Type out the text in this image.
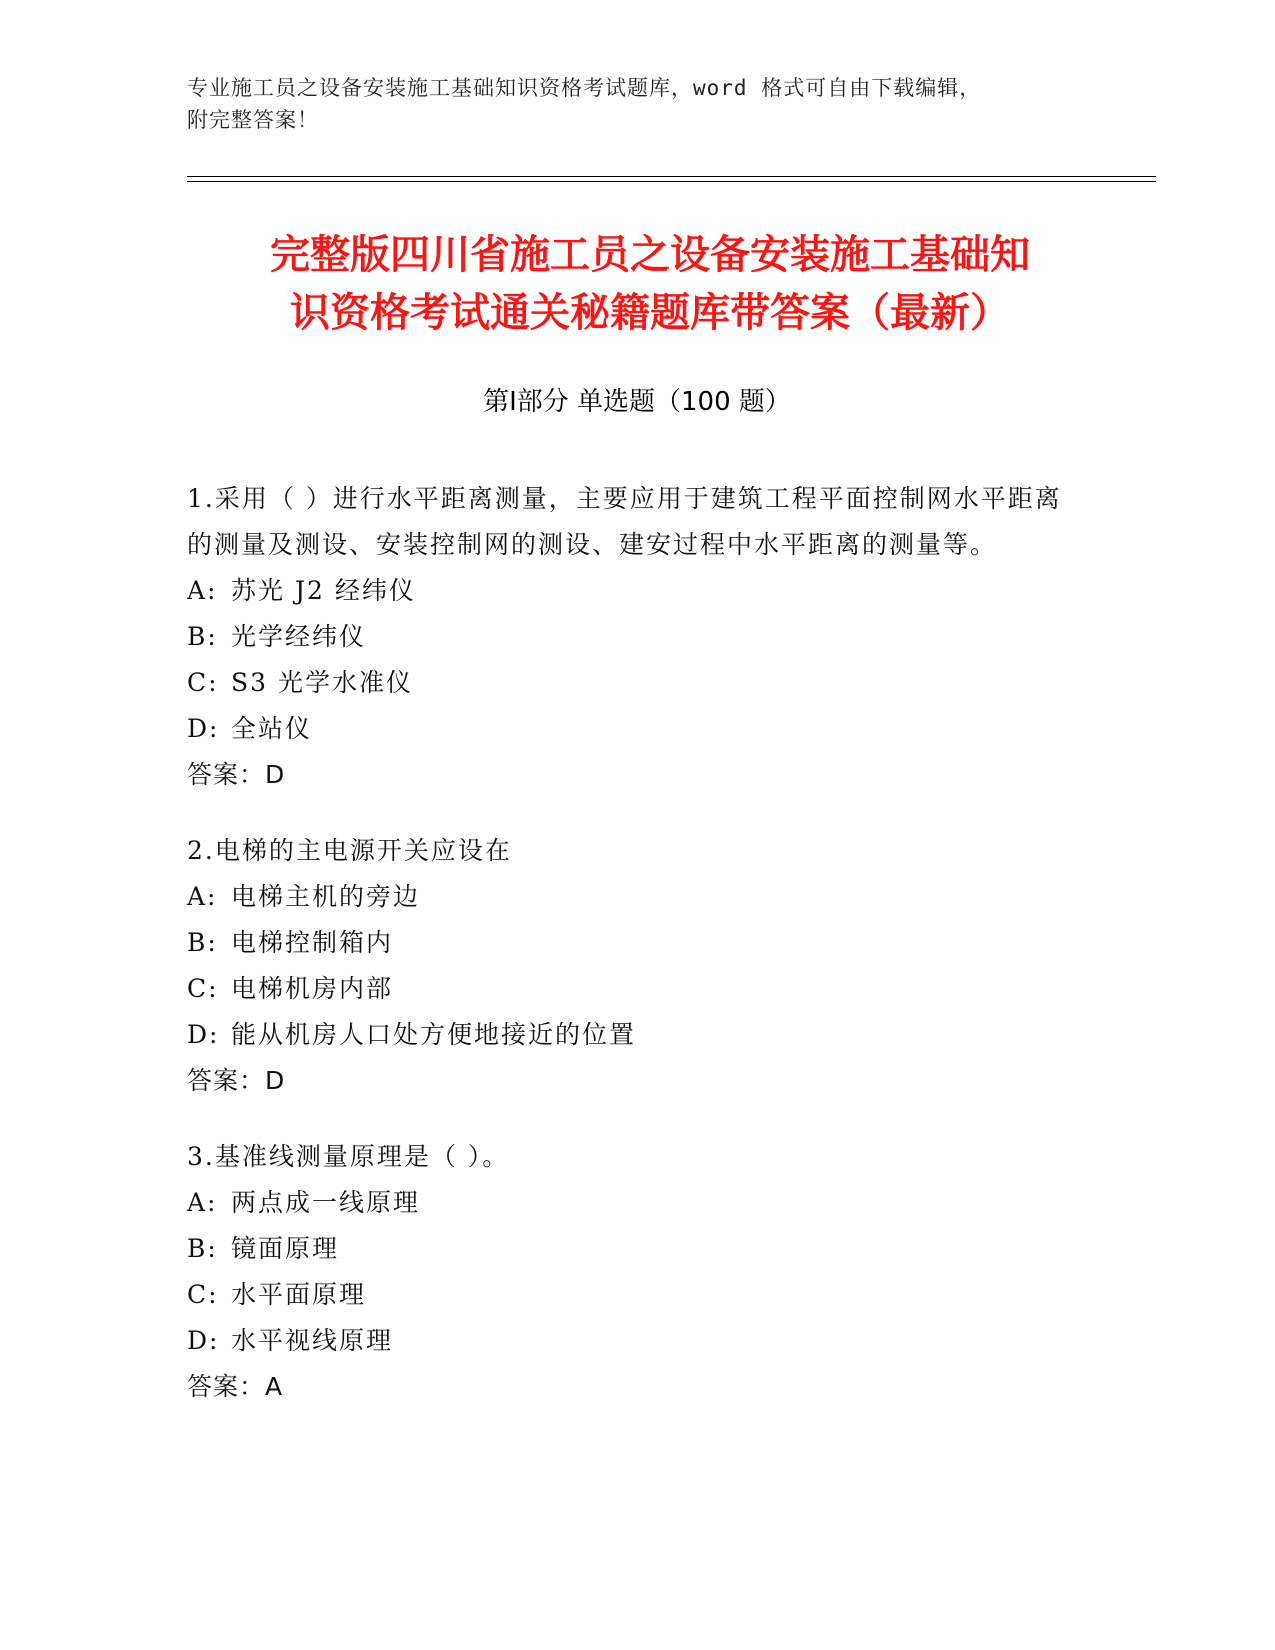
专业施工员之设备安装施工基础知识资格考试题库，word 格式可自由下载编辑，
附完整答案！
完整版四川省施工员之设备安装施工基础知
识资格考试通关秘籍题库带答案（最新）
第Ⅰ部分 单选题（100 题）
1.采用（ ）进行水平距离测量，主要应用于建筑工程平面控制网水平距离的测量及测设、安装控制网的测设、建安过程中水平距离的测量等。
A: 苏光 J2 经纬仪
B: 光学经纬仪
C: S3 光学水准仪
D: 全站仪
答案：D
2.电梯的主电源开关应设在
A: 电梯主机的旁边
B: 电梯控制箱内
C: 电梯机房内部
D: 能从机房人口处方便地接近的位置
答案：D
3.基准线测量原理是（ ）。
A: 两点成一线原理
B: 镜面原理
C: 水平面原理
D: 水平视线原理
答案：A
